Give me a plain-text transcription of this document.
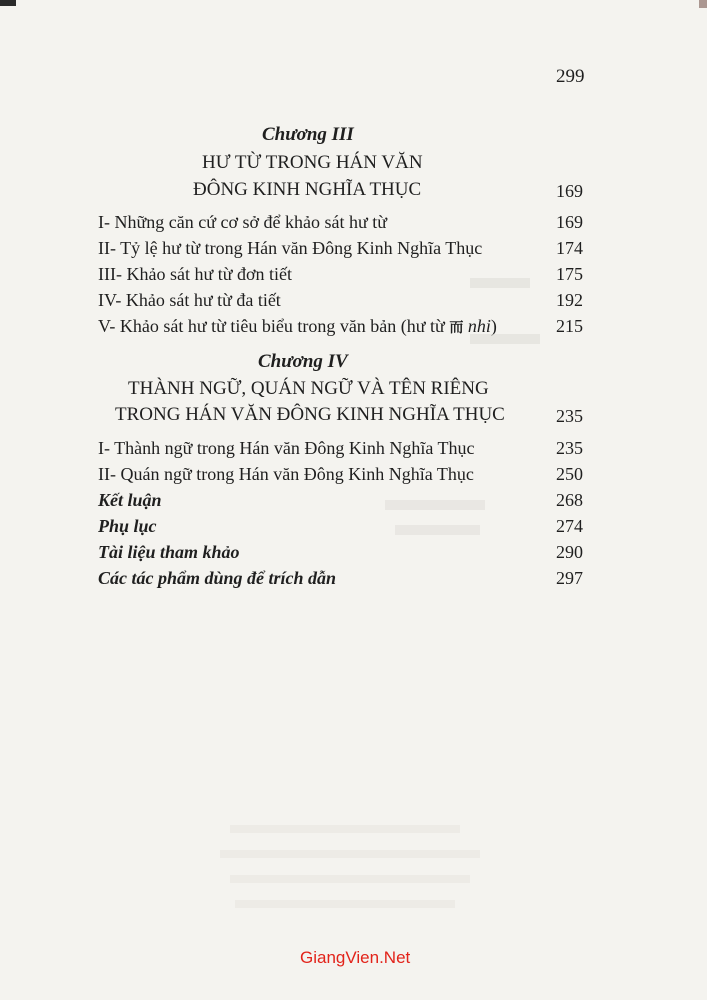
299
Chương III
HƯ TỪ TRONG HÁN VĂN
ĐÔNG KINH NGHĨA THỤC	169
I- Những căn cứ cơ sở để khảo sát hư từ	169
II- Tỷ lệ hư từ trong Hán văn Đông Kinh Nghĩa Thục	174
III- Khảo sát hư từ đơn tiết	175
IV- Khảo sát hư từ đa tiết	192
V- Khảo sát hư từ tiêu biểu trong văn bản (hư từ 而 nhi)	215
Chương IV
THÀNH NGỮ, QUÁN NGỮ VÀ TÊN RIÊNG
TRONG HÁN VĂN ĐÔNG KINH NGHĨA THỤC	235
I- Thành ngữ trong Hán văn Đông Kinh Nghĩa Thục	235
II- Quán ngữ trong Hán văn Đông Kinh Nghĩa Thục	250
Kết luận	268
Phụ lục	274
Tài liệu tham khảo	290
Các tác phẩm dùng để trích dẫn	297
GiangVien.Net
